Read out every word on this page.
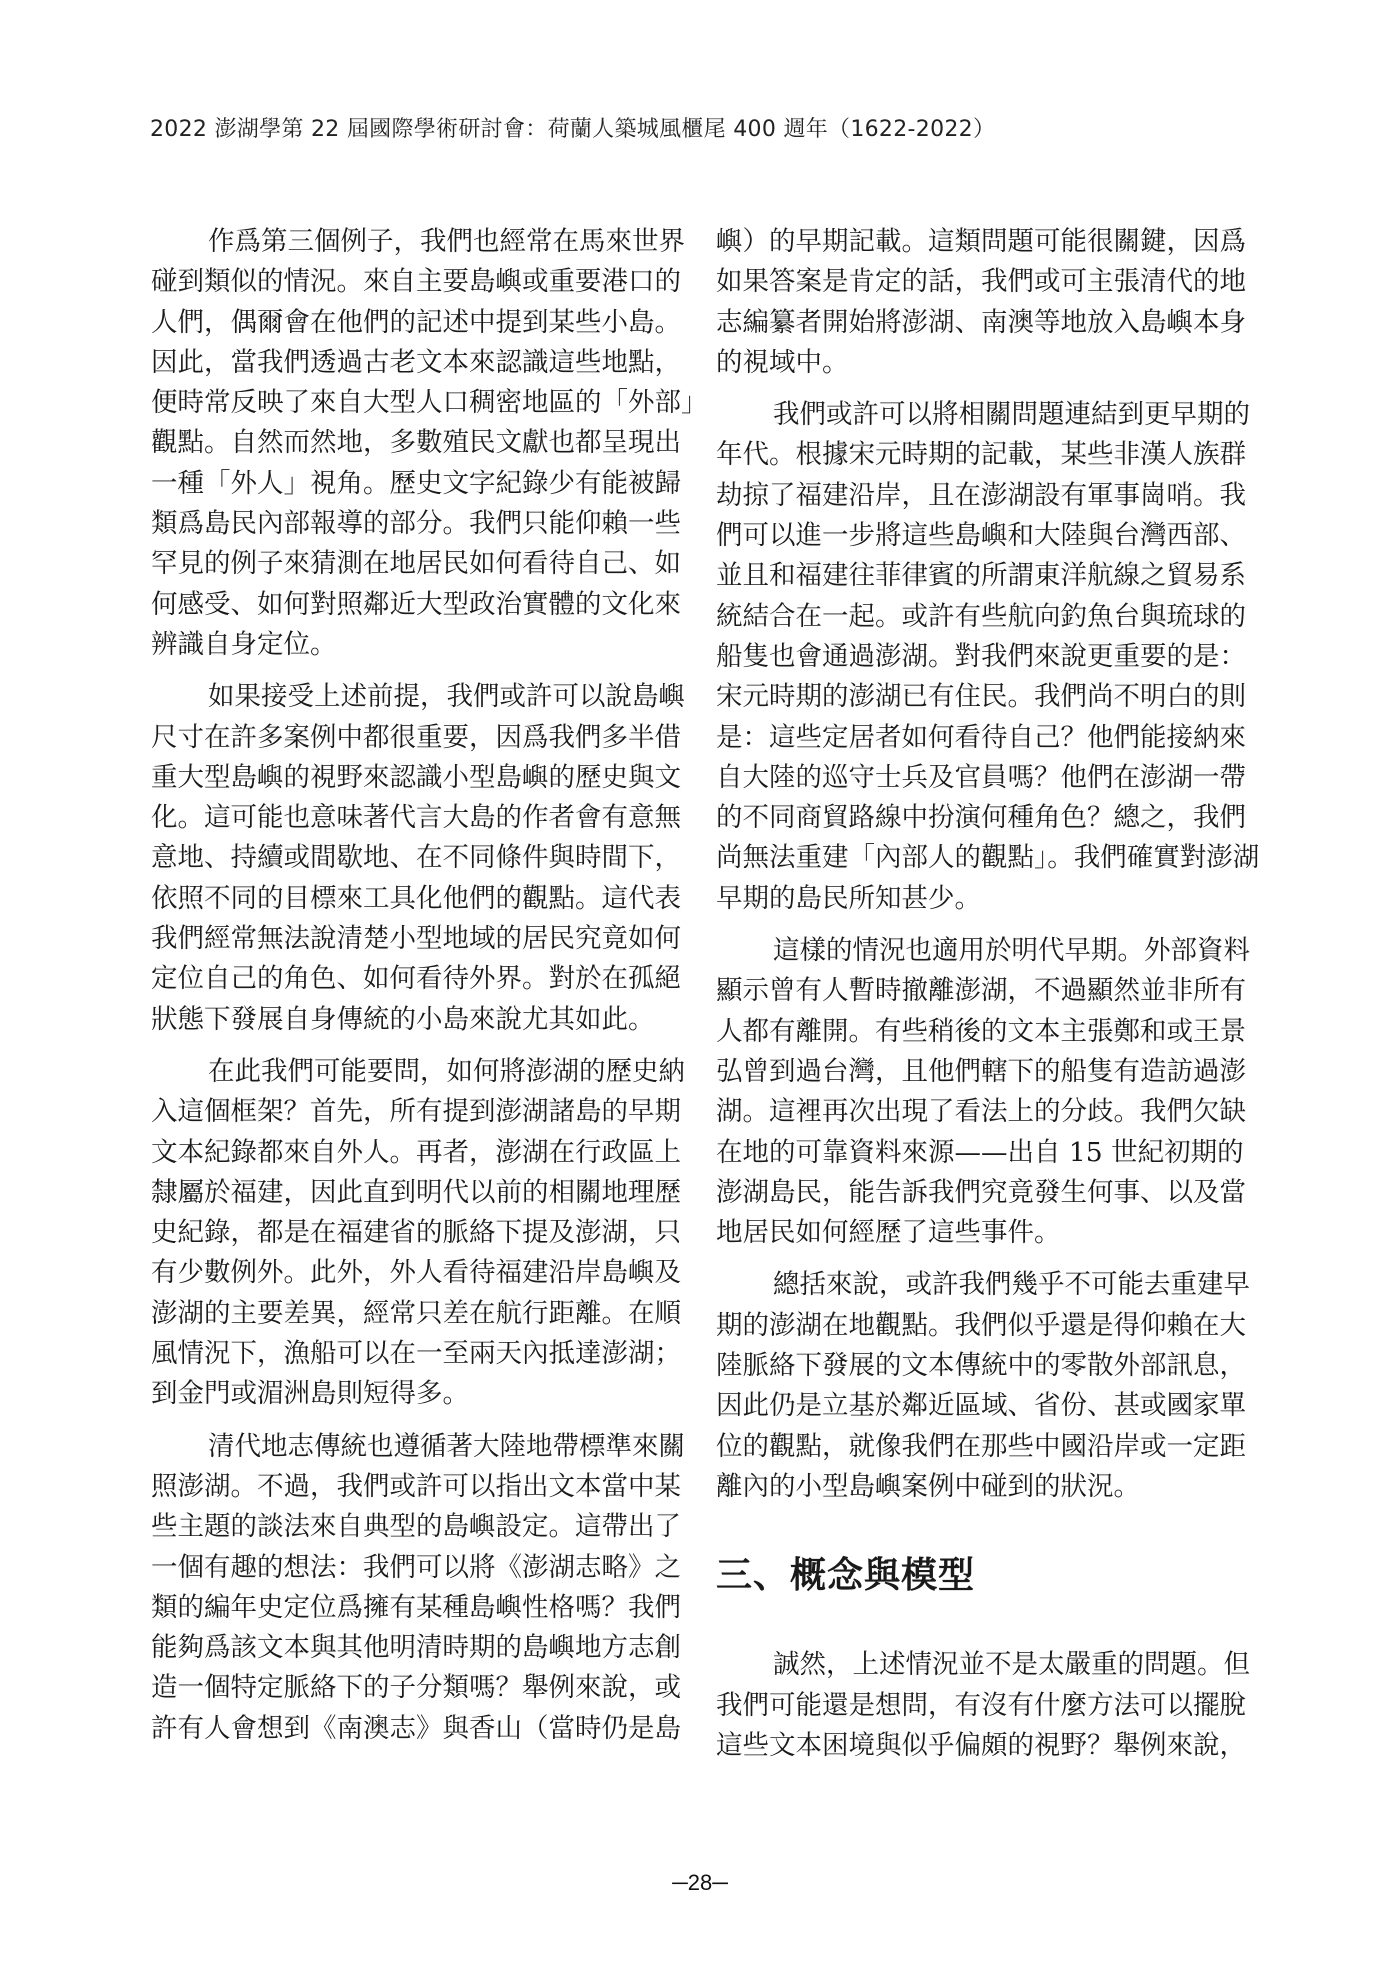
2022 澎湖學第 22 屆國際學術研討會：荷蘭人築城風櫃尾 400 週年（1622-2022）
作爲第三個例子，我們也經常在馬來世界
碰到類似的情況。來自主要島嶼或重要港口的
人們，偶爾會在他們的記述中提到某些小島。
因此，當我們透過古老文本來認識這些地點，
便時常反映了來自大型人口稠密地區的「外部」
觀點。自然而然地，多數殖民文獻也都呈現出
一種「外人」視角。歷史文字紀錄少有能被歸
類爲島民內部報導的部分。我們只能仰賴一些
罕見的例子來猜測在地居民如何看待自己、如
何感受、如何對照鄰近大型政治實體的文化來
辨識自身定位。
如果接受上述前提，我們或許可以說島嶼
尺寸在許多案例中都很重要，因爲我們多半借
重大型島嶼的視野來認識小型島嶼的歷史與文
化。這可能也意味著代言大島的作者會有意無
意地、持續或間歇地、在不同條件與時間下，
依照不同的目標來工具化他們的觀點。這代表
我們經常無法說清楚小型地域的居民究竟如何
定位自己的角色、如何看待外界。對於在孤絕
狀態下發展自身傳統的小島來說尤其如此。
在此我們可能要問，如何將澎湖的歷史納
入這個框架？首先，所有提到澎湖諸島的早期
文本紀錄都來自外人。再者，澎湖在行政區上
隸屬於福建，因此直到明代以前的相關地理歷
史紀錄，都是在福建省的脈絡下提及澎湖，只
有少數例外。此外，外人看待福建沿岸島嶼及
澎湖的主要差異，經常只差在航行距離。在順
風情況下，漁船可以在一至兩天內抵達澎湖；
到金門或湄洲島則短得多。
清代地志傳統也遵循著大陸地帶標準來關
照澎湖。不過，我們或許可以指出文本當中某
些主題的談法來自典型的島嶼設定。這帶出了
一個有趣的想法：我們可以將《澎湖志略》之
類的編年史定位爲擁有某種島嶼性格嗎？我們
能夠爲該文本與其他明清時期的島嶼地方志創
造一個特定脈絡下的子分類嗎？舉例來說，或
許有人會想到《南澳志》與香山（當時仍是島
嶼）的早期記載。這類問題可能很關鍵，因爲
如果答案是肯定的話，我們或可主張清代的地
志編纂者開始將澎湖、南澳等地放入島嶼本身
的視域中。
我們或許可以將相關問題連結到更早期的
年代。根據宋元時期的記載，某些非漢人族群
劫掠了福建沿岸，且在澎湖設有軍事崗哨。我
們可以進一步將這些島嶼和大陸與台灣西部、
並且和福建往菲律賓的所謂東洋航線之貿易系
統結合在一起。或許有些航向釣魚台與琉球的
船隻也會通過澎湖。對我們來說更重要的是：
宋元時期的澎湖已有住民。我們尚不明白的則
是：這些定居者如何看待自己？他們能接納來
自大陸的巡守士兵及官員嗎？他們在澎湖一帶
的不同商貿路線中扮演何種角色？總之，我們
尚無法重建「內部人的觀點」。我們確實對澎湖
早期的島民所知甚少。
這樣的情況也適用於明代早期。外部資料
顯示曾有人暫時撤離澎湖，不過顯然並非所有
人都有離開。有些稍後的文本主張鄭和或王景
弘曾到過台灣，且他們轄下的船隻有造訪過澎
湖。這裡再次出現了看法上的分歧。我們欠缺
在地的可靠資料來源——出自 15 世紀初期的
澎湖島民，能告訴我們究竟發生何事、以及當
地居民如何經歷了這些事件。
總括來說，或許我們幾乎不可能去重建早
期的澎湖在地觀點。我們似乎還是得仰賴在大
陸脈絡下發展的文本傳統中的零散外部訊息，
因此仍是立基於鄰近區域、省份、甚或國家單
位的觀點，就像我們在那些中國沿岸或一定距
離內的小型島嶼案例中碰到的狀況。
三、概念與模型
誠然，上述情況並不是太嚴重的問題。但
我們可能還是想問，有沒有什麼方法可以擺脫
這些文本困境與似乎偏頗的視野？舉例來說，
─28─
